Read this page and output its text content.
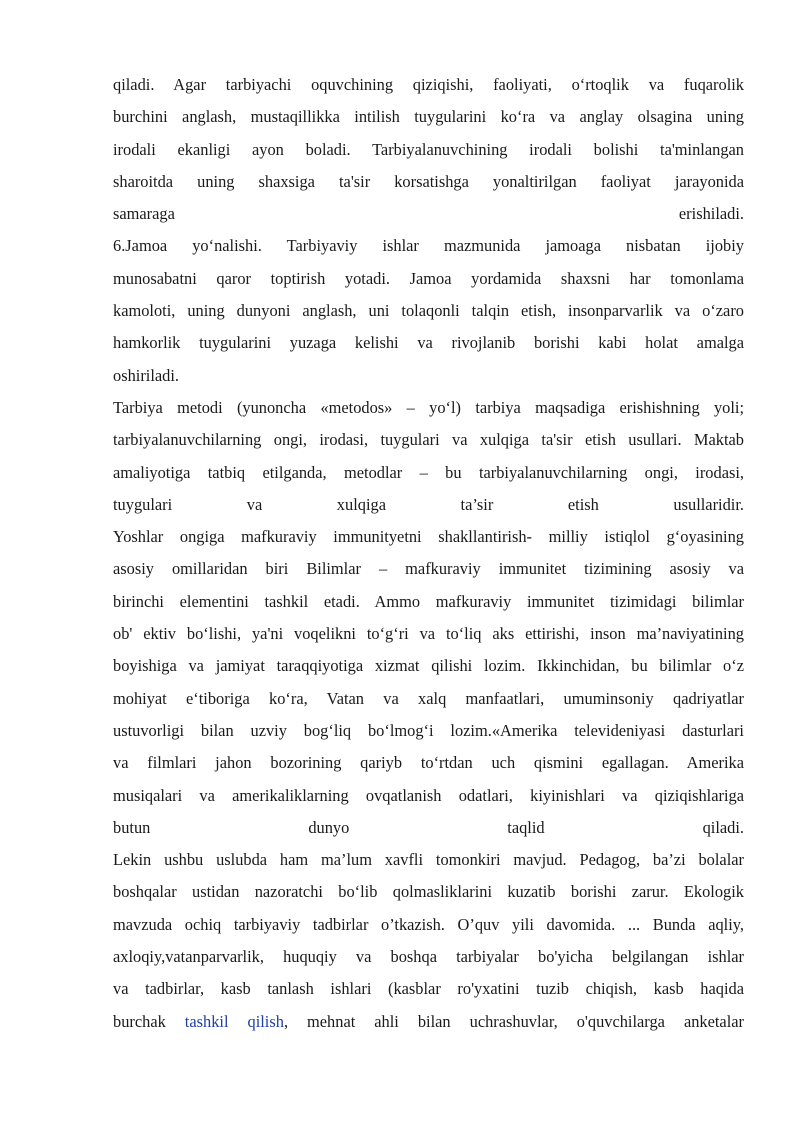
qiladi. Agar tarbiyachi oquvchining qiziqishi, faoliyati, o‘rtoqlik va fuqarolik
burchini anglash, mustaqillikka intilish tuygularini ko‘ra va anglay olsagina uning
irodali ekanligi ayon boladi. Tarbiyalanuvchining irodali bolishi ta'minlangan
sharoitda uning shaxsiga ta'sir korsatishga yonaltirilgan faoliyat jarayonida
samaraga erishiladi.
6.Jamoa yo‘nalishi. Tarbiyaviy ishlar mazmunida jamoaga nisbatan ijobiy
munosabatni qaror toptirish yotadi. Jamoa yordamida shaxsni har tomonlama
kamoloti, uning dunyoni anglash, uni tolaqonli talqin etish, insonparvarlik va o‘zaro
hamkorlik tuygularini yuzaga kelishi va rivojlanib borishi kabi holat amalga
oshiriladi.
Tarbiya metodi (yunoncha «metodos» – yo‘l) tarbiya maqsadiga erishishning yoli;
tarbiyalanuvchilarning ongi, irodasi, tuygulari va xulqiga ta'sir etish usullari. Maktab
amaliyotiga tatbiq etilganda, metodlar – bu tarbiyalanuvchilarning ongi, irodasi,
tuygulari va xulqiga ta’sir etish usullaridir.
Yoshlar ongiga mafkuraviy immunityetni shakllantirish- milliy istiqlol g‘oyasining
asosiy omillaridan biri Bilimlar – mafkuraviy immunitet tizimining asosiy va
birinchi elementini tashkil etadi. Ammo mafkuraviy immunitet tizimidagi bilimlar
ob' ektiv bo‘lishi, ya'ni voqelikni to‘g‘ri va to‘liq aks ettirishi, inson ma’naviyatining
boyishiga va jamiyat taraqqiyotiga xizmat qilishi lozim. Ikkinchidan, bu bilimlar o‘z
mohiyat e‘tiboriga ko‘ra, Vatan va xalq manfaatlari, umuminsoniy qadriyatlar
ustuvorligi bilan uzviy bog‘liq bo‘lmog‘i lozim.«Amerika televideniyasi dasturlari
va filmlari jahon bozorining qariyb to‘rtdan uch qismini egallagan. Amerika
musiqalari va amerikaliklarning ovqatlanish odatlari, kiyinishlari va qiziqishlariga
butun dunyo taqlid qiladi.
Lekin ushbu uslubda ham ma’lum xavfli tomonkiri mavjud. Pedagog, ba’zi bolalar
boshqalar ustidan nazoratchi bo‘lib qolmasliklarini kuzatib borishi zarur. Ekologik
mavzuda ochiq tarbiyaviy tadbirlar o’tkazish. O’quv yili davomida. ... Bunda aqliy,
axloqiy,vatanparvarlik, huquqiy va boshqa tarbiyalar bo'yicha belgilangan ishlar
va tadbirlar, kasb tanlash ishlari (kasblar ro'yxatini tuzib chiqish, kasb haqida
burchak tashkil qilish, mehnat ahli bilan uchrashuvlar, o'quvchilarga anketalar
